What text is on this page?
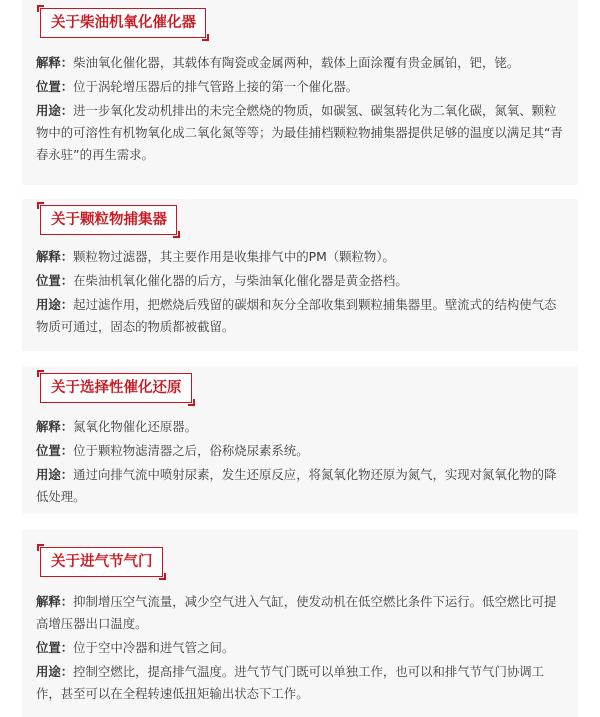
关于柴油机氧化催化器

解释：柴油氧化催化器，其载体有陶瓷或金属两种，载体上面涂覆有贵金属铂，钯，铑。

位置：位于涡轮增压器后的排气管路上接的第一个催化器。

用途：进一步氧化发动机排出的未完全燃烧的物质，如碳氢、碳氢转化为二氧化碳，氮氧、颗粒物中的可溶性有机物氧化成二氧化氮等等；为最佳捕档颗粒物捕集器提供足够的温度以满足其“青春永驻”的再生需求。

关于颗粒物捕集器

解释：颗粒物过滤器，其主要作用是收集排气中的PM（颗粒物）。

位置：在柴油机氧化催化器的后方，与柴油氧化催化器是黄金搭档。

用途：起过滤作用，把燃烧后残留的碳烟和灰分全部收集到颗粒捕集器里。壁流式的结构使气态物质可通过，固态的物质都被截留。

关于选择性催化还原

解释：氮氧化物催化还原器。

位置：位于颗粒物滤清器之后，俗称烧尿素系统。

用途：通过向排气流中喷射尿素，发生还原反应，将氮氧化物还原为氮气，实现对氮氧化物的降低处理。

关于进气节气门

解释：抑制增压空气流量，减少空气进入气缸，使发动机在低空燃比条件下运行。低空燃比可提高增压器出口温度。

位置：位于空中冷器和进气管之间。

用途：控制空燃比，提高排气温度。进气节气门既可以单独工作，也可以和排气节气门协调工作，甚至可以在全程转速低扭矩输出状态下工作。
